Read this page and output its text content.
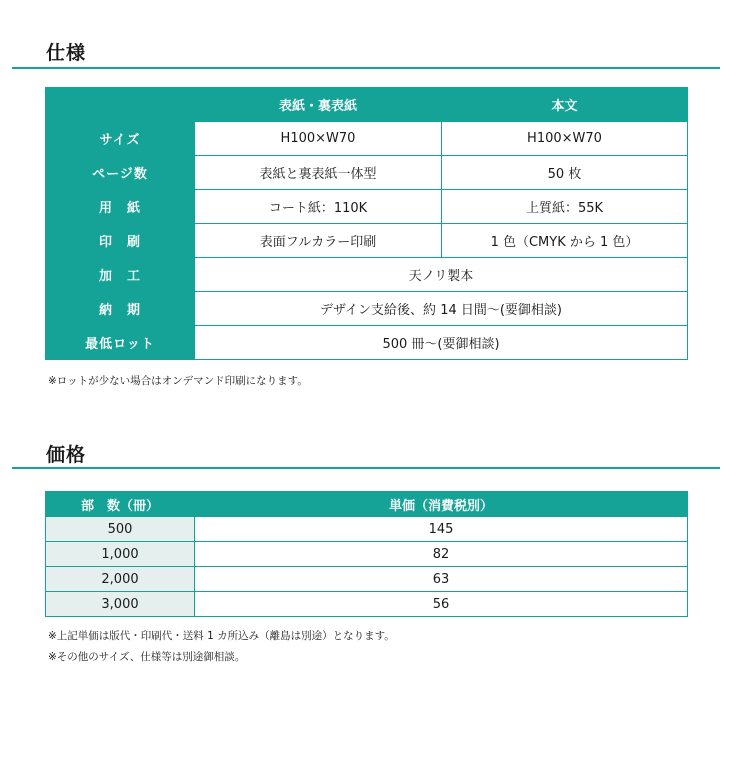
仕様
	表紙・裏表紙	本文
サイズ	H100×W70	H100×W70
ページ数	表紙と裏表紙一体型	50 枚
用　紙	コート紙：110K	上質紙：55K
印　刷	表面フルカラー印刷	1 色（CMYK から 1 色）
加　工	天ノリ製本	
納　期	デザイン支給後、約 14 日間～(要御相談)	
最低ロット	500 冊～(要御相談)	

※ロットが少ない場合はオンデマンド印刷になります。

価格
部　数（冊）	単価（消費税別）
500	145
1,000	82
2,000	63
3,000	56

※上記単価は版代・印刷代・送料 1 カ所込み（離島は別途）となります。

※その他のサイズ、仕様等は別途御相談。
